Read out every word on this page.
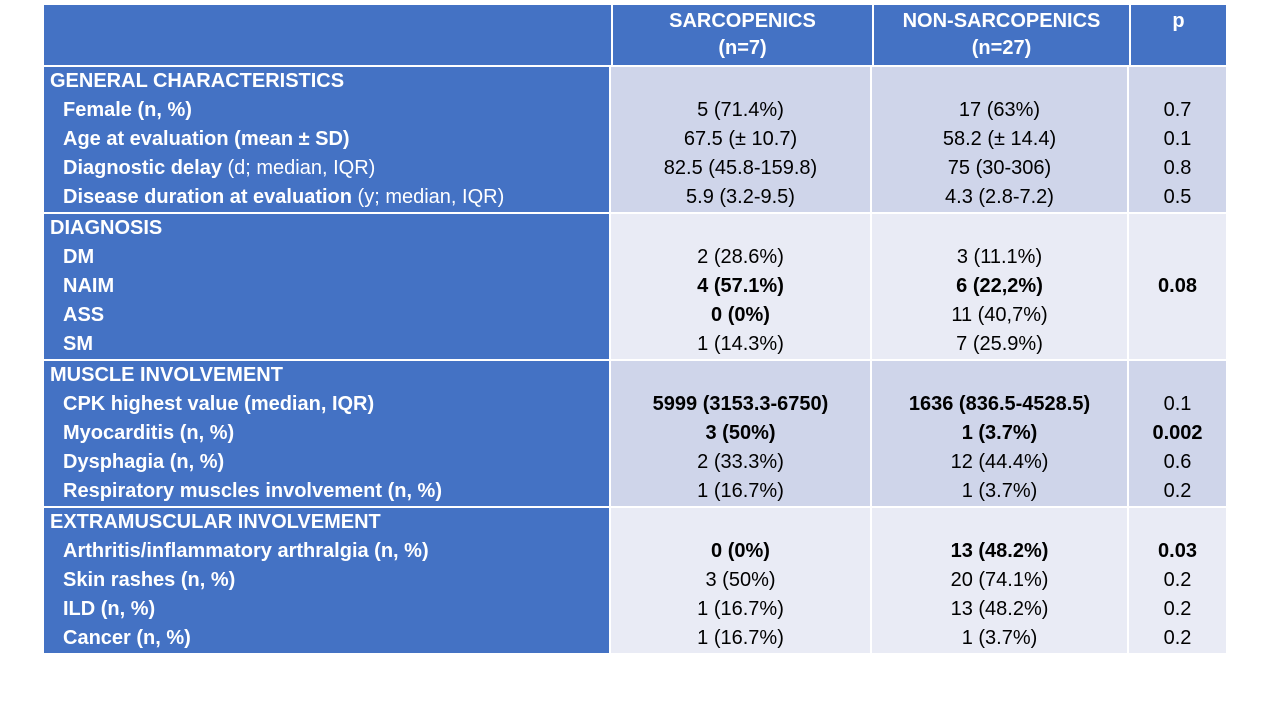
SARCOPENICS
(n=7)
NON-SARCOPENICS
(n=27)
p
GENERAL CHARACTERISTICS
Female (n, %)
Age at evaluation (mean ± SD)
Diagnostic delay (d; median, IQR)
Disease duration at evaluation (y; median, IQR)
5 (71.4%)
67.5 (± 10.7)
82.5 (45.8-159.8)
5.9 (3.2-9.5)
17 (63%)
58.2 (± 14.4)
75 (30-306)
4.3 (2.8-7.2)
0.7
0.1
0.8
0.5
DIAGNOSIS
DM
NAIM
ASS
SM
2 (28.6%)
4 (57.1%)
0 (0%)
1 (14.3%)
3 (11.1%)
6 (22,2%)
11 (40,7%)
7 (25.9%)
0.08
MUSCLE INVOLVEMENT
CPK highest value (median, IQR)
Myocarditis (n, %)
Dysphagia (n, %)
Respiratory muscles involvement (n, %)
5999 (3153.3-6750)
3 (50%)
2 (33.3%)
1 (16.7%)
1636 (836.5-4528.5)
1 (3.7%)
12 (44.4%)
1 (3.7%)
0.1
0.002
0.6
0.2
EXTRAMUSCULAR INVOLVEMENT
Arthritis/inflammatory arthralgia (n, %)
Skin rashes (n, %)
ILD (n, %)
Cancer (n, %)
0 (0%)
3 (50%)
1 (16.7%)
1 (16.7%)
13 (48.2%)
20 (74.1%)
13 (48.2%)
1 (3.7%)
0.03
0.2
0.2
0.2
